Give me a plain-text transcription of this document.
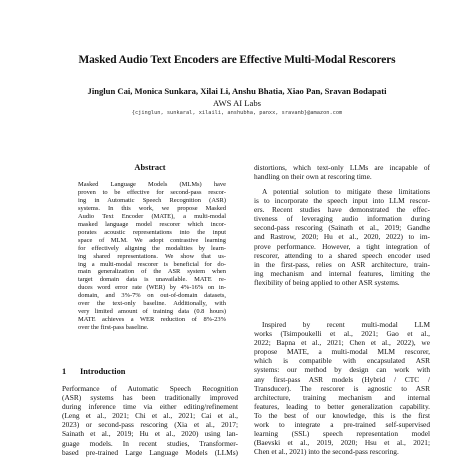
Masked Audio Text Encoders are Effective Multi-Modal Rescorers
Jinglun Cai, Monica Sunkara, Xilai Li, Anshu Bhatia, Xiao Pan, Sravan Bodapati
AWS AI Labs
{cjinglun, sunkaral, xilaili, anshubha, panxx, sravanb}@amazon.com
Abstract
Masked Language Models (MLMs) have
proven to be effective for second-pass rescor-
ing in Automatic Speech Recognition (ASR)
systems. In this work, we propose Masked
Audio Text Encoder (MATE), a multi-modal
masked language model rescorer which incor-
porates acoustic representations into the input
space of MLM. We adopt contrastive learning
for effectively aligning the modalities by learn-
ing shared representations. We show that us-
ing a multi-modal rescorer is beneficial for do-
main generalization of the ASR system when
target domain data is unavailable. MATE re-
duces word error rate (WER) by 4%-16% on in-
domain, and 3%-7% on out-of-domain datasets,
over the text-only baseline. Additionally, with
very limited amount of training data (0.8 hours)
MATE achieves a WER reduction of 8%-23%
over the first-pass baseline.
1 Introduction
Performance of Automatic Speech Recognition
(ASR) systems has been traditionally improved
during inference time via either editing/refinement
(Leng et al., 2021; Chi et al., 2021; Cai et al.,
2023) or second-pass rescoring (Xia et al., 2017;
Sainath et al., 2019; Hu et al., 2020) using lan-
guage models. In recent studies, Transformer-
based pre-trained Large Language Models (LLMs)
distortions, which text-only LLMs are incapable of
handling on their own at rescoring time.
A potential solution to mitigate these limitations
is to incorporate the speech input into LLM rescor-
ers. Recent studies have demonstrated the effec-
tiveness of leveraging audio information during
second-pass rescoring (Sainath et al., 2019; Gandhe
and Rastrow, 2020; Hu et al., 2020, 2022) to im-
prove performance. However, a tight integration of
rescorer, attending to a shared speech encoder used
in the first-pass, relies on ASR architecture, train-
ing mechanism and internal features, limiting the
flexibility of being applied to other ASR systems.
Inspired by recent multi-modal LLM
works (Tsimpoukelli et al., 2021; Gao et al.,
2022; Bapna et al., 2021; Chen et al., 2022), we
propose MATE, a multi-modal MLM rescorer,
which is compatible with encapsulated ASR
systems: our method by design can work with
any first-pass ASR models (Hybrid / CTC /
Transducer). The rescorer is agnostic to ASR
architecture, training mechanism and internal
features, leading to better generalization capability.
To the best of our knowledge, this is the first
work to integrate a pre-trained self-supervised
learning (SSL) speech representation model
(Baevski et al., 2019, 2020; Hsu et al., 2021;
Chen et al., 2021) into the second-pass rescoring.
